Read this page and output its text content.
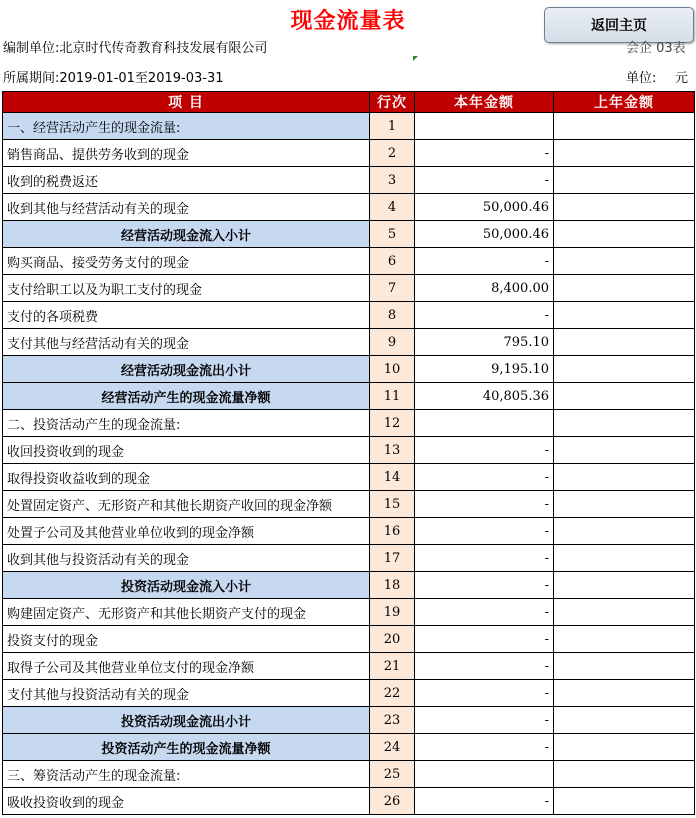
现金流量表	返回主页
编制单位:北京时代传奇教育科技发展有限公司	会企 03表
所属期间:2019-01-01至2019-03-31	单位: 元
项 目	行次	本年金额	上年金额
一、经营活动产生的现金流量:	1		
销售商品、提供劳务收到的现金	2	-	
收到的税费返还	3	-	
收到其他与经营活动有关的现金	4	50,000.46	
经营活动现金流入小计	5	50,000.46	
购买商品、接受劳务支付的现金	6	-	
支付给职工以及为职工支付的现金	7	8,400.00	
支付的各项税费	8	-	
支付其他与经营活动有关的现金	9	795.10	
经营活动现金流出小计	10	9,195.10	
经营活动产生的现金流量净额	11	40,805.36	
二、投资活动产生的现金流量:	12		
收回投资收到的现金	13	-	
取得投资收益收到的现金	14	-	
处置固定资产、无形资产和其他长期资产收回的现金净额	15	-	
处置子公司及其他营业单位收到的现金净额	16	-	
收到其他与投资活动有关的现金	17	-	
投资活动现金流入小计	18	-	
购建固定资产、无形资产和其他长期资产支付的现金	19	-	
投资支付的现金	20	-	
取得子公司及其他营业单位支付的现金净额	21	-	
支付其他与投资活动有关的现金	22	-	
投资活动现金流出小计	23	-	
投资活动产生的现金流量净额	24	-	
三、筹资活动产生的现金流量:	25		
吸收投资收到的现金	26	-	
